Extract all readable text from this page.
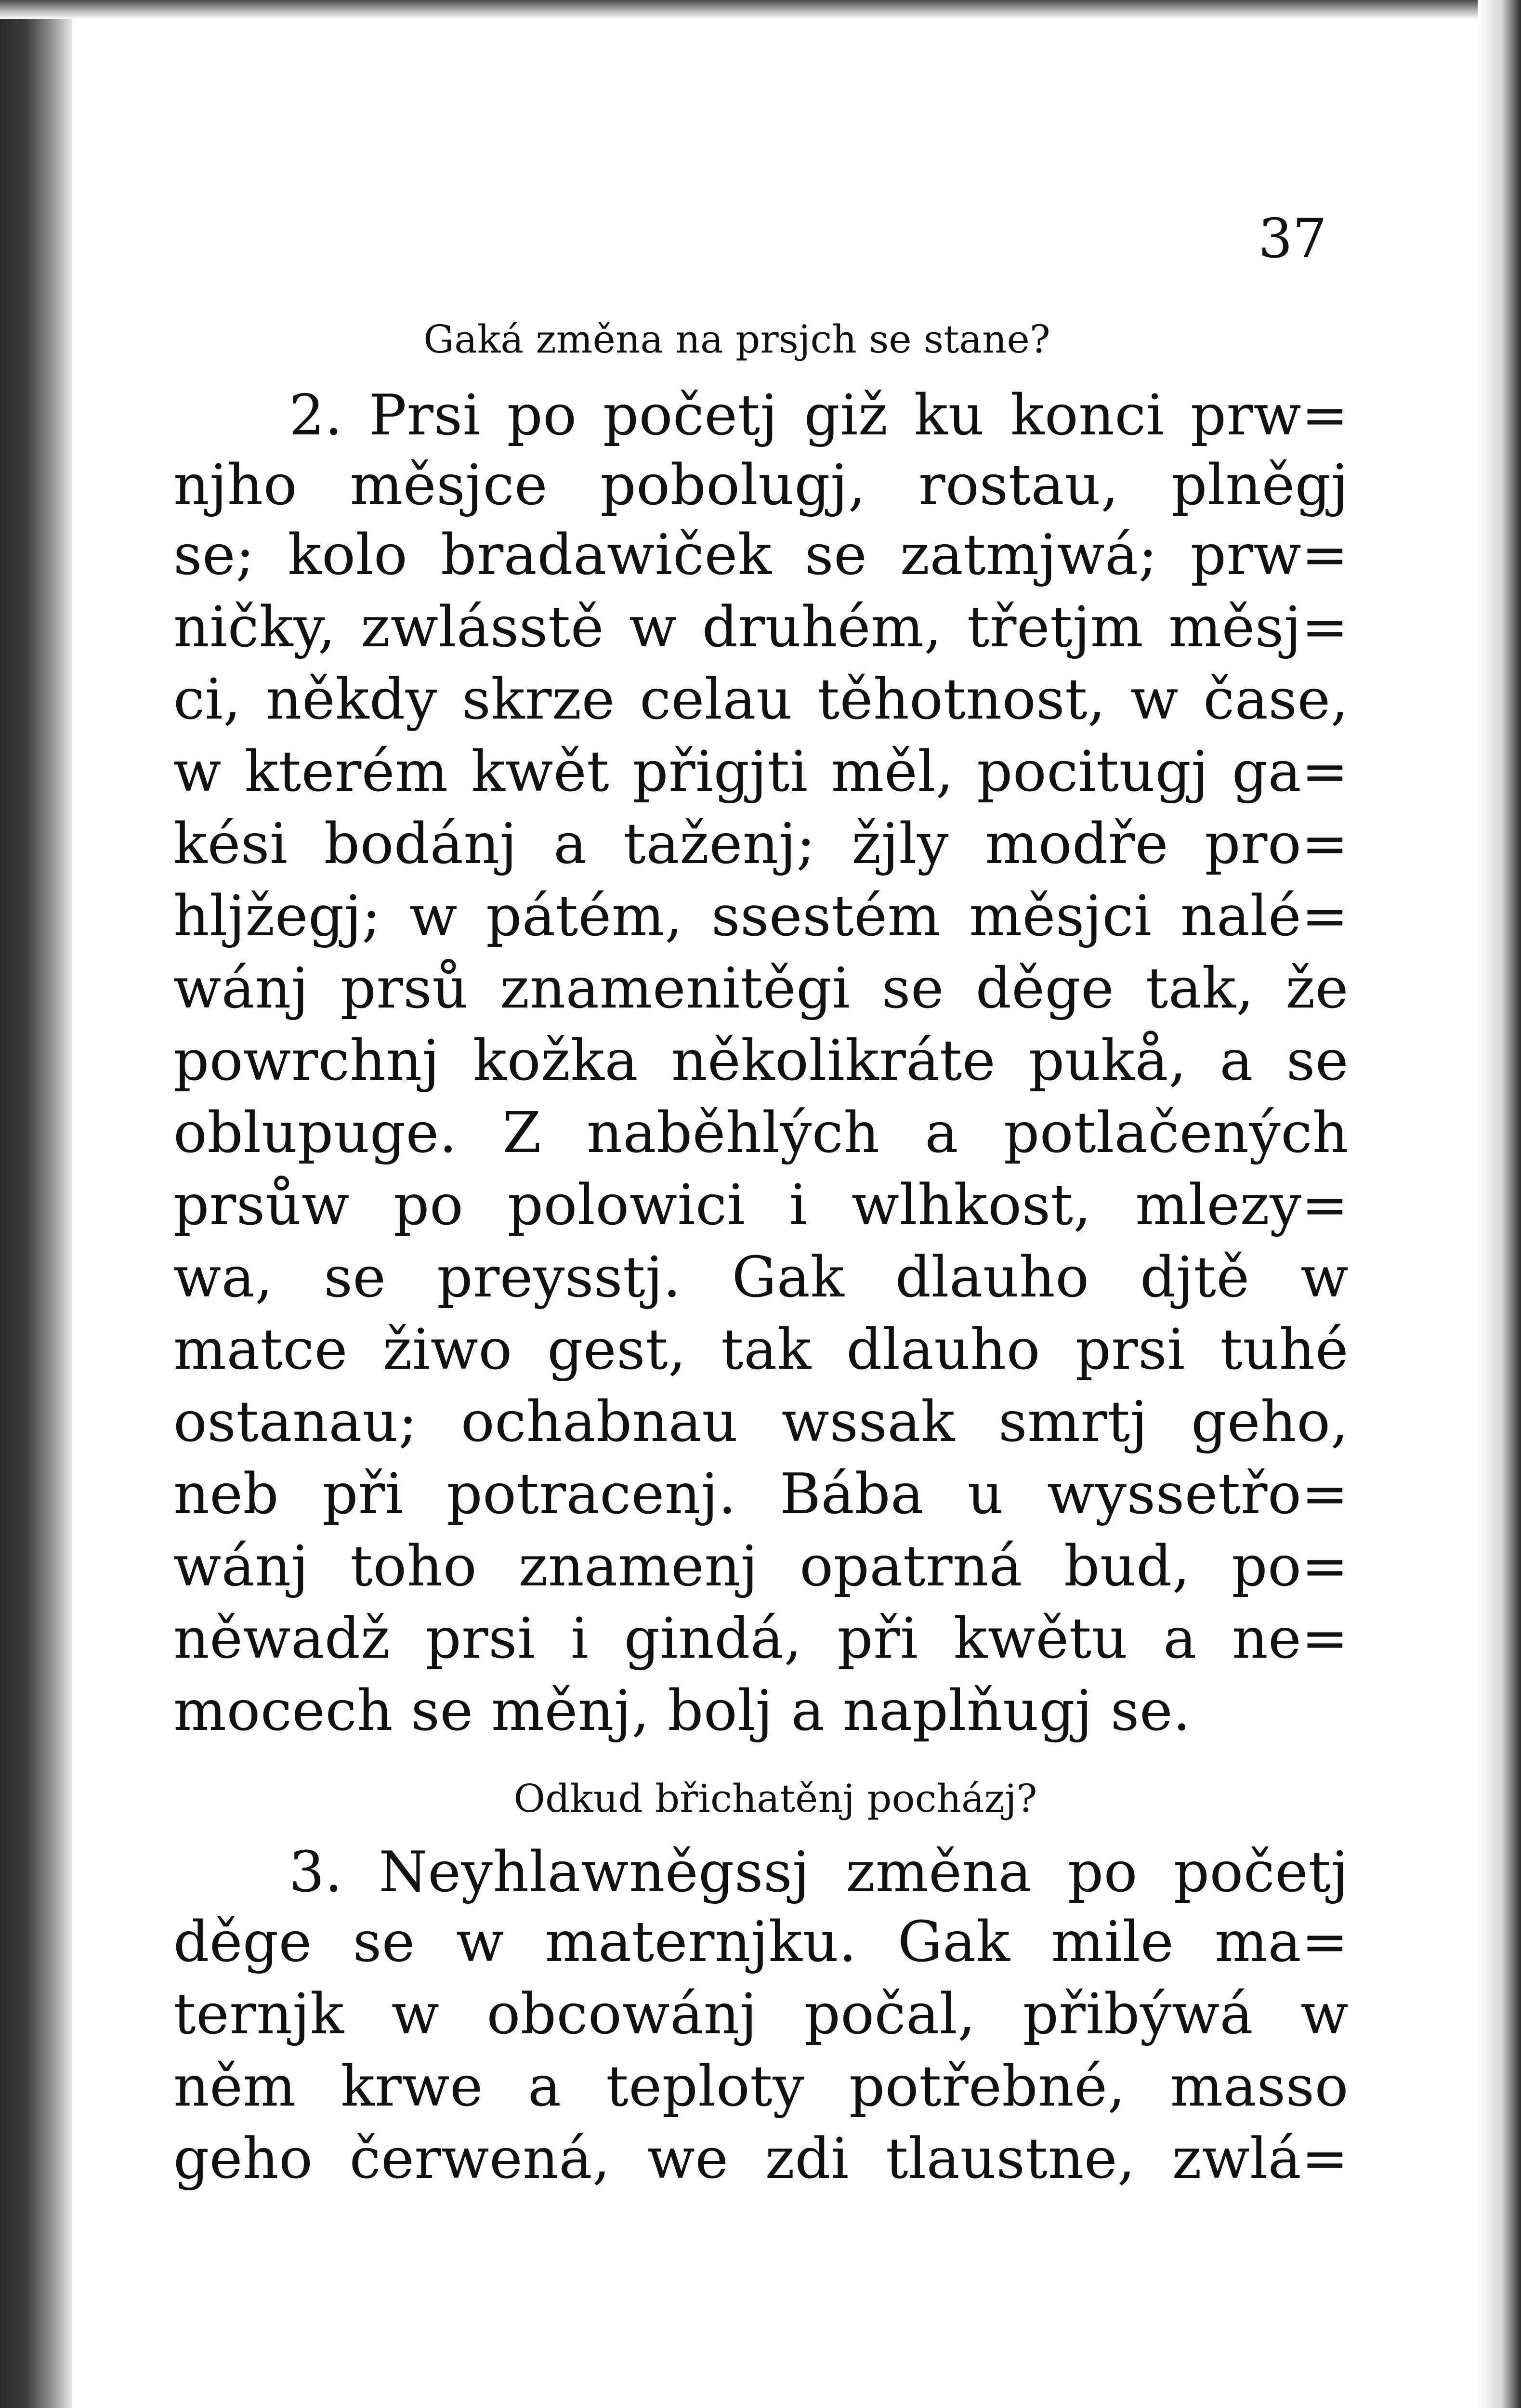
37
Gaká změna na prsjch se stane?
2. Prsi po početj giž ku konci prw=
njho měsjce pobolugj, rostau, plněgj
se; kolo bradawiček se zatmjwá; prw=
ničky, zwlásstě w druhém, třetjm měsj=
ci, někdy skrze celau těhotnost, w čase,
w kterém kwět přigjti měl, pocitugj ga=
kési bodánj a taženj; žjly modře pro=
hljžegj; w pátém, ssestém měsjci nalé=
wánj prsů znamenitěgi se děge tak, že
powrchnj kožka několikráte pukå, a se
oblupuge. Z naběhlých a potlačených
prsůw po polowici i wlhkost, mlezy=
wa, se preysstj. Gak dlauho djtě w
matce žiwo gest, tak dlauho prsi tuhé
ostanau; ochabnau wssak smrtj geho,
neb při potracenj. Bába u wyssetřo=
wánj toho znamenj opatrná bud, po=
něwadž prsi i gindá, při kwětu a ne=
mocech se měnj, bolj a naplňugj se.
Odkud břichatěnj pocházj?
3. Neyhlawněgssj změna po početj
děge se w maternjku. Gak mile ma=
ternjk w obcowánj počal, přibýwá w
něm krwe a teploty potřebné, masso
geho čerwená, we zdi tlaustne, zwlá=
